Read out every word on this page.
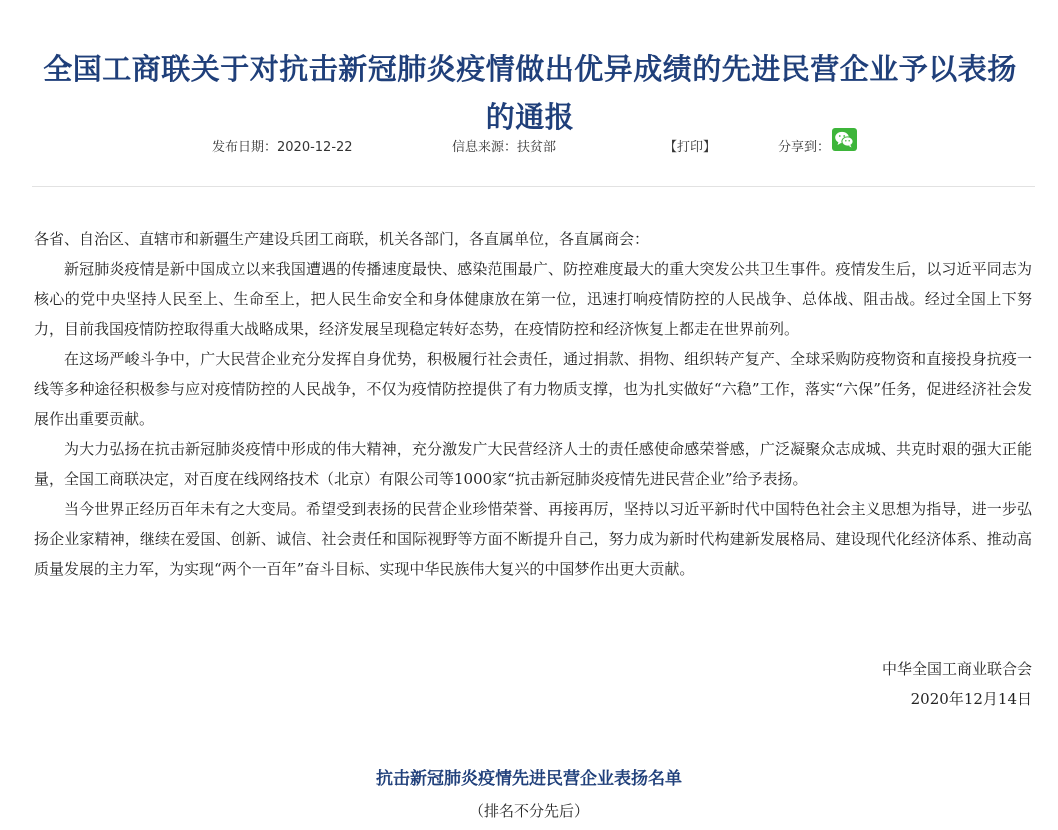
全国工商联关于对抗击新冠肺炎疫情做出优异成绩的先进民营企业予以表扬的通报
发布日期：2020-12-22	信息来源：扶贫部	【打印】	分享到：

各省、自治区、直辖市和新疆生产建设兵团工商联，机关各部门，各直属单位，各直属商会：

新冠肺炎疫情是新中国成立以来我国遭遇的传播速度最快、感染范围最广、防控难度最大的重大突发公共卫生事件。疫情发生后，以习近平同志为核心的党中央坚持人民至上、生命至上，把人民生命安全和身体健康放在第一位，迅速打响疫情防控的人民战争、总体战、阻击战。经过全国上下努力，目前我国疫情防控取得重大战略成果，经济发展呈现稳定转好态势，在疫情防控和经济恢复上都走在世界前列。

在这场严峻斗争中，广大民营企业充分发挥自身优势，积极履行社会责任，通过捐款、捐物、组织转产复产、全球采购防疫物资和直接投身抗疫一线等多种途径积极参与应对疫情防控的人民战争，不仅为疫情防控提供了有力物质支撑，也为扎实做好“六稳”工作，落实“六保”任务，促进经济社会发展作出重要贡献。

为大力弘扬在抗击新冠肺炎疫情中形成的伟大精神，充分激发广大民营经济人士的责任感使命感荣誉感，广泛凝聚众志成城、共克时艰的强大正能量，全国工商联决定，对百度在线网络技术（北京）有限公司等1000家“抗击新冠肺炎疫情先进民营企业”给予表扬。

当今世界正经历百年未有之大变局。希望受到表扬的民营企业珍惜荣誉、再接再厉，坚持以习近平新时代中国特色社会主义思想为指导，进一步弘扬企业家精神，继续在爱国、创新、诚信、社会责任和国际视野等方面不断提升自己，努力成为新时代构建新发展格局、建设现代化经济体系、推动高质量发展的主力军，为实现“两个一百年”奋斗目标、实现中华民族伟大复兴的中国梦作出更大贡献。

中华全国工商业联合会
2020年12月14日
抗击新冠肺炎疫情先进民营企业表扬名单
（排名不分先后）
